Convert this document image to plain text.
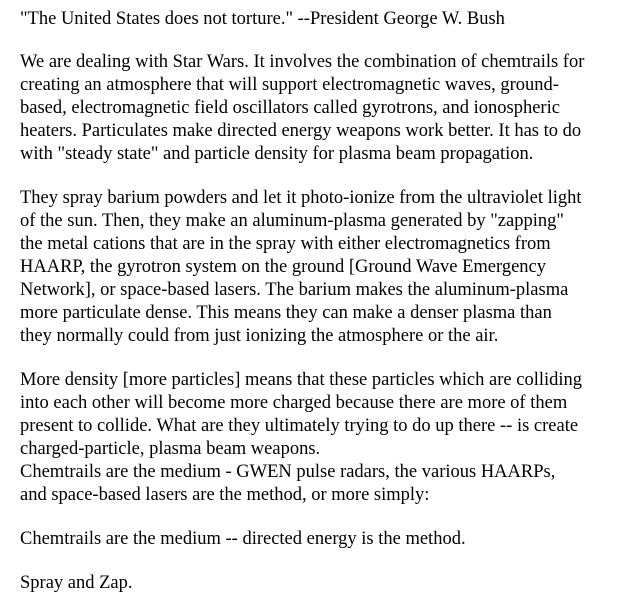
"The United States does not torture." --President George W. Bush

We are dealing with Star Wars. It involves the combination of chemtrails for
creating an atmosphere that will support electromagnetic waves, ground-
based, electromagnetic field oscillators called gyrotrons, and ionospheric
heaters. Particulates make directed energy weapons work better. It has to do
with "steady state" and particle density for plasma beam propagation.

They spray barium powders and let it photo-ionize from the ultraviolet light
of the sun. Then, they make an aluminum-plasma generated by "zapping"
the metal cations that are in the spray with either electromagnetics from
HAARP, the gyrotron system on the ground [Ground Wave Emergency
Network], or space-based lasers. The barium makes the aluminum-plasma
more particulate dense. This means they can make a denser plasma than
they normally could from just ionizing the atmosphere or the air.

More density [more particles] means that these particles which are colliding
into each other will become more charged because there are more of them
present to collide. What are they ultimately trying to do up there -- is create
charged-particle, plasma beam weapons.

Chemtrails are the medium - GWEN pulse radars, the various HAARPs,
and space-based lasers are the method, or more simply:

Chemtrails are the medium -- directed energy is the method.

Spray and Zap.
